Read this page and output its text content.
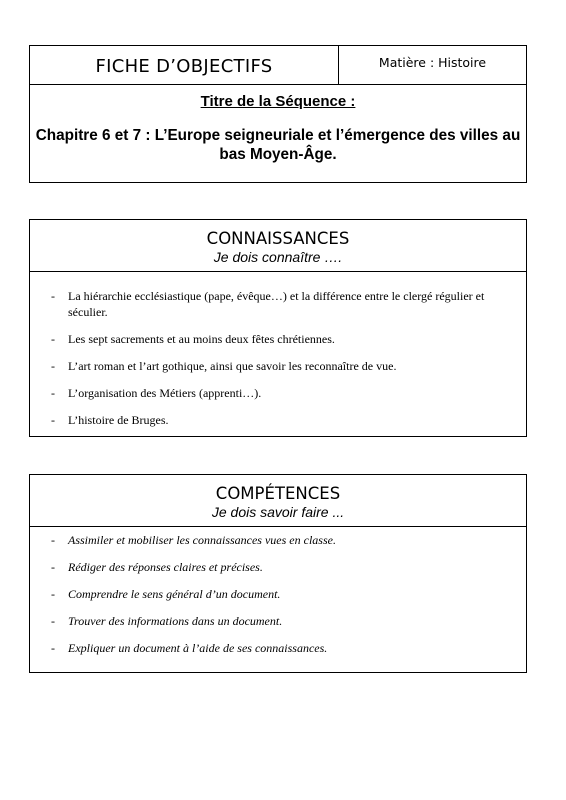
FICHE D’OBJECTIFS	Matière : Histoire
Titre de la Séquence :
Chapitre 6 et 7 : L’Europe seigneuriale et l’émergence des villes au bas Moyen-Âge.
CONNAISSANCES
Je dois connaître ….
- La hiérarchie ecclésiastique (pape, évêque…) et la différence entre le clergé régulier et séculier.
- Les sept sacrements et au moins deux fêtes chrétiennes.
- L’art roman et l’art gothique, ainsi que savoir les reconnaître de vue.
- L’organisation des Métiers (apprenti…).
- L’histoire de Bruges.
COMPÉTENCES
Je dois savoir faire ...
- Assimiler et mobiliser les connaissances vues en classe.
- Rédiger des réponses claires et précises.
- Comprendre le sens général d’un document.
- Trouver des informations dans un document.
- Expliquer un document à l’aide de ses connaissances.
